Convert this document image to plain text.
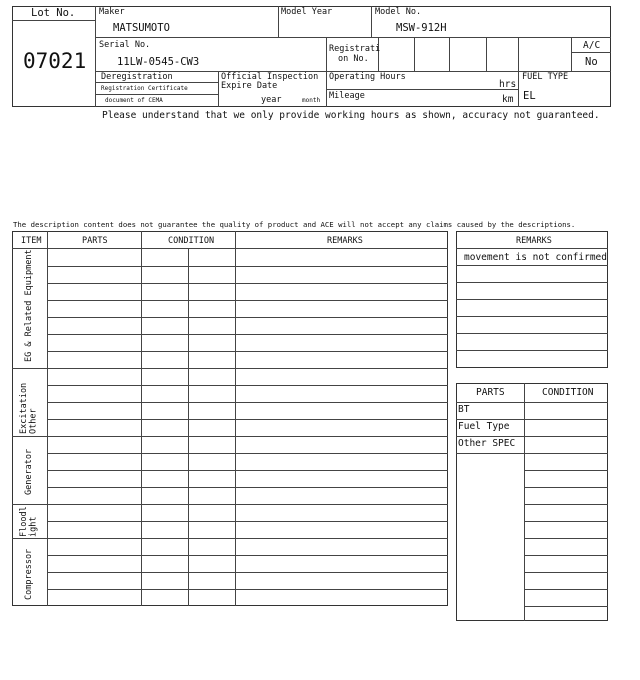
Lot No.
07021
Maker
MATSUMOTO
Model Year	Model No.
MSW-912H
Serial No.
11LW-0545-CW3
Registrati
on No.
A/C
No
Deregistration
Registration Certificate
document of CEMA
Official Inspection
Expire Date
year	month
Operating Hours
hrs
Mileage	km
FUEL TYPE
EL
Please understand that we only provide working hours as shown, accuracy not guaranteed.
The description content does not guarantee the quality of product and ACE will not accept any claims caused by the descriptions.
ITEM	PARTS	CONDITION	REMARKS
EG & Related Equipment
Excitation
Other
Generator
Floodl
ight
Compressor
REMARKS
movement is not confirmed
PARTS	CONDITION
BT
Fuel Type
Other SPEC
